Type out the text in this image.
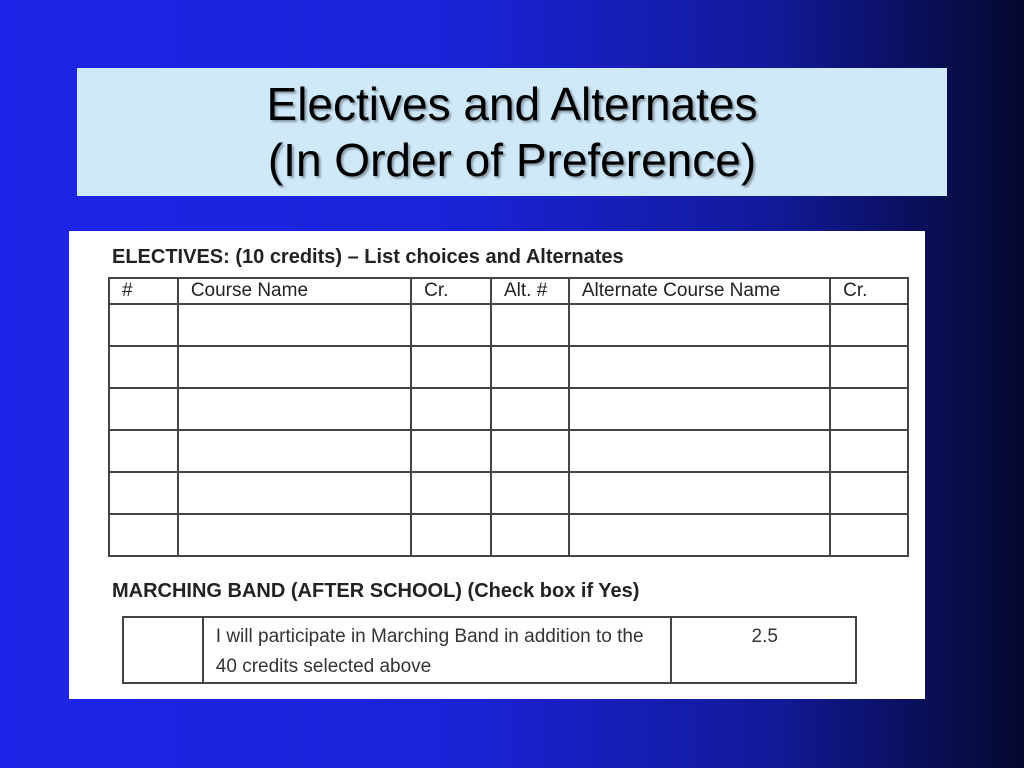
Electives and Alternates
(In Order of Preference)
ELECTIVES: (10 credits) – List choices and Alternates
#	Course Name	Cr.	Alt. #	Alternate Course Name	Cr.

MARCHING BAND (AFTER SCHOOL) (Check box if Yes)
	I will participate in Marching Band in addition to the 40 credits selected above	2.5
